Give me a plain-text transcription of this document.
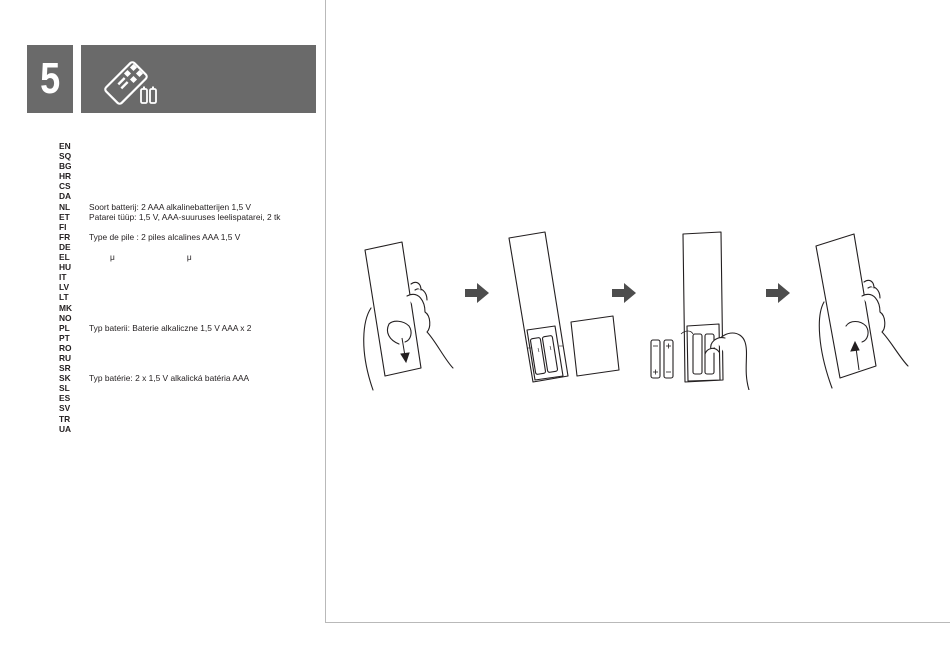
5
EN
SQ
BG
HR
CS
DA
NL Soort batterij: 2 AAA alkalinebatterijen 1,5 V
ET Patarei tüüp: 1,5 V, AAA-suuruses leelispatarei, 2 tk
FI
FR Type de pile : 2 piles alcalines AAA 1,5 V
DE
EL         μ                               μ
HU
IT
LV
LT
MK
NO
PL Typ baterii: Baterie alkaliczne 1,5 V AAA x 2
PT
RO
RU
SR
SK Typ batérie: 2 x 1,5 V alkalická batéria AAA
SL
ES
SV
TR
UA
